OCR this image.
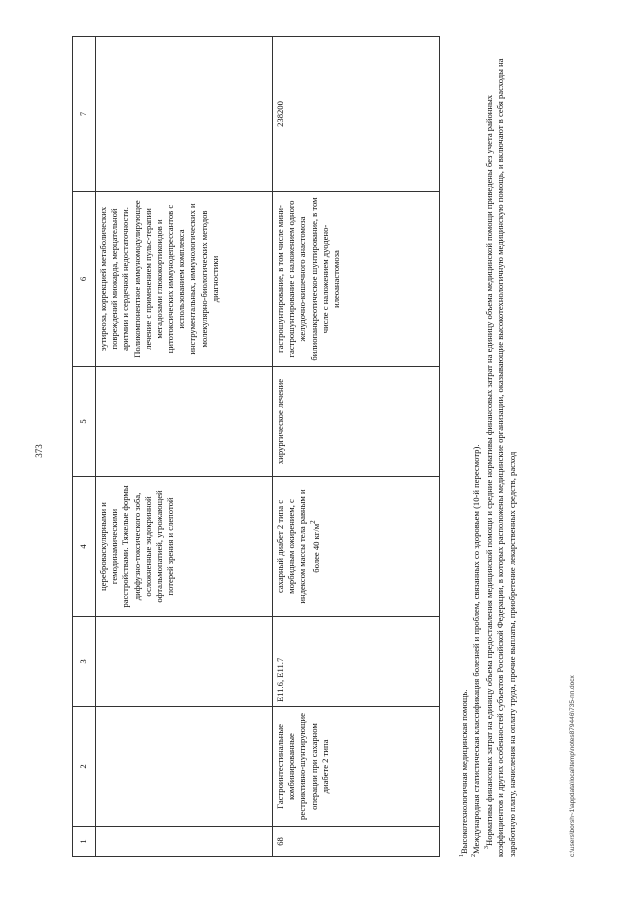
373
1	2	3	4	5	6	7
			цереброваскулярными и гемодинамическими расстройствами. Тяжелые формы диффузно-токсического зоба, осложненные эндокринной офтальмопатией, угрожающей потерей зрения и слепотой		эутиреоза, коррекцией метаболических повреждений миокарда, мерцательной аритмии и сердечной недостаточности. Поликомпонентное иммуномодулирующее лечение с применением пульс-терапии мегадозами глюкокортикоидов и цитотоксических иммунодепрессантов с использованием комплекса инструментальных, иммунологических и молекулярно-биологических методов диагностики	
68	Гастроинтестинальные комбинированные рестриктивно-шунтирующие операции при сахарном диабете 2 типа	E11.6, E11.7	сахарный диабет 2 типа с морбидным ожирением, с индексом массы тела равным и более 40 $кг/м^2$	хирургическое лечение	гастрошунтирование, в том числе мини-гастрошунтирование с наложением одного желудочно-кишечного анастомоза билиопанкреотическое шунтирование, в том числе с наложением дуодено-илеоанастомоза	238200

$^1$Высокотехнологичная медицинская помощь.

$^2$Международная статистическая классификация болезней и проблем, связанных со здоровьем (10-й пересмотр). $^3$Нормативы финансовых затрат на единицу объема предоставления медицинской помощи и средние нормативы финансовых затрат на единицу объема медицинской помощи приведены без учета районных коэффициентов и других особенностей субъектов Российской Федерации, в которых расположены медицинские организации, оказывающие высокотехнологичную медицинскую помощь, и включают в себя расходы на заработную плату, начисления на оплату труда, прочие выплаты, приобретение лекарственных средств, расход	c:\users\borsh~1\appdata\local\temp\notes879446\735-пп.docx
